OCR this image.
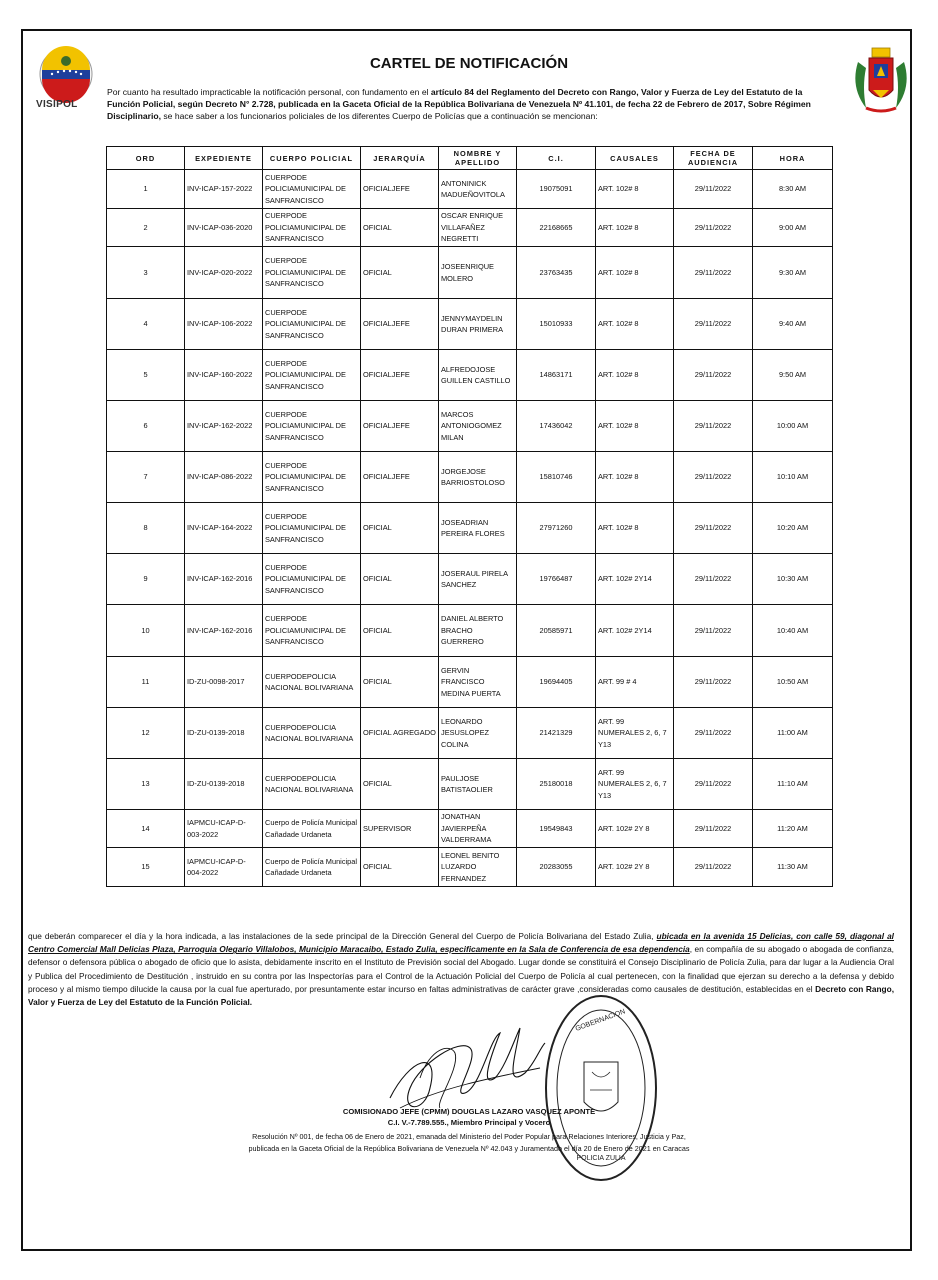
VISIPOL
CARTEL DE NOTIFICACIÓN
Por cuanto ha resultado impracticable la notificación personal, con fundamento en el artículo 84 del Reglamento del Decreto con Rango, Valor y Fuerza de Ley del Estatuto de la Función Policial, según Decreto N° 2.728, publicada en la Gaceta Oficial de la República Bolivariana de Venezuela Nº 41.101, de fecha 22 de Febrero de 2017, Sobre Régimen Disciplinario, se hace saber a los funcionarios policiales de los diferentes Cuerpo de Policías que a continuación se mencionan:
ORD	EXPEDIENTE	CUERPO POLICIAL	JERARQUÍA	NOMBRE Y APELLIDO	C.I.	CAUSALES	FECHA DE AUDIENCIA	HORA
1	INV-ICAP-157-2022	CUERPODE POLICIAMUNICIPAL DE SANFRANCISCO	OFICIALJEFE	ANTONINICK MADUEÑOVITOLA	19075091	ART. 102# 8	29/11/2022	8:30 AM
2	INV-ICAP-036-2020	CUERPODE POLICIAMUNICIPAL DE SANFRANCISCO	OFICIAL	OSCAR ENRIQUE VILLAFAÑEZ NEGRETTI	22168665	ART. 102# 8	29/11/2022	9:00 AM
3	INV-ICAP-020-2022	CUERPODE POLICIAMUNICIPAL DE SANFRANCISCO	OFICIAL	JOSEENRIQUE MOLERO	23763435	ART. 102# 8	29/11/2022	9:30 AM
4	INV-ICAP-106-2022	CUERPODE POLICIAMUNICIPAL DE SANFRANCISCO	OFICIALJEFE	JENNYMAYDELIN DURAN PRIMERA	15010933	ART. 102# 8	29/11/2022	9:40 AM
5	INV-ICAP-160-2022	CUERPODE POLICIAMUNICIPAL DE SANFRANCISCO	OFICIALJEFE	ALFREDOJOSE GUILLEN CASTILLO	14863171	ART. 102# 8	29/11/2022	9:50 AM
6	INV-ICAP-162-2022	CUERPODE POLICIAMUNICIPAL DE SANFRANCISCO	OFICIALJEFE	MARCOS ANTONIOGOMEZ MILAN	17436042	ART. 102# 8	29/11/2022	10:00 AM
7	INV-ICAP-086-2022	CUERPODE POLICIAMUNICIPAL DE SANFRANCISCO	OFICIALJEFE	JORGEJOSE BARRIOSTOLOSO	15810746	ART. 102# 8	29/11/2022	10:10 AM
8	INV-ICAP-164-2022	CUERPODE POLICIAMUNICIPAL DE SANFRANCISCO	OFICIAL	JOSEADRIAN PEREIRA FLORES	27971260	ART. 102# 8	29/11/2022	10:20 AM
9	INV-ICAP-162-2016	CUERPODE POLICIAMUNICIPAL DE SANFRANCISCO	OFICIAL	JOSERAUL PIRELA SANCHEZ	19766487	ART. 102# 2Y14	29/11/2022	10:30 AM
10	INV-ICAP-162-2016	CUERPODE POLICIAMUNICIPAL DE SANFRANCISCO	OFICIAL	DANIEL ALBERTO BRACHO GUERRERO	20585971	ART. 102# 2Y14	29/11/2022	10:40 AM
11	ID-ZU-0098-2017	CUERPODEPOLICIA NACIONAL BOLIVARIANA	OFICIAL	GERVIN FRANCISCO MEDINA PUERTA	19694405	ART. 99 # 4	29/11/2022	10:50 AM
12	ID-ZU-0139-2018	CUERPODEPOLICIA NACIONAL BOLIVARIANA	OFICIAL AGREGADO	LEONARDO JESUSLOPEZ COLINA	21421329	ART. 99 NUMERALES 2, 6, 7 Y13	29/11/2022	11:00 AM
13	ID-ZU-0139-2018	CUERPODEPOLICIA NACIONAL BOLIVARIANA	OFICIAL	PAULJOSE BATISTAOLIER	25180018	ART. 99 NUMERALES 2, 6, 7 Y13	29/11/2022	11:10 AM
14	IAPMCU-ICAP-D-003-2022	Cuerpo de Policía Municipal Cañadade Urdaneta	SUPERVISOR	JONATHAN JAVIERPEÑA VALDERRAMA	19549843	ART. 102# 2Y 8	29/11/2022	11:20 AM
15	IAPMCU-ICAP-D-004-2022	Cuerpo de Policía Municipal Cañadade Urdaneta	OFICIAL	LEONEL BENITO LUZARDO FERNANDEZ	20283055	ART. 102# 2Y 8	29/11/2022	11:30 AM
que deberán comparecer el día y la hora indicada, a las instalaciones de la sede principal de la Dirección General del Cuerpo de Policía Bolivariana del Estado Zulia, ubicada en la avenida 15 Delicias, con calle 59, diagonal al Centro Comercial Mall Delicias Plaza, Parroquia Olegario Villalobos, Municipio Maracaibo, Estado Zulia, especificamente en la Sala de Conferencia de esa dependencia, en compañía de su abogado o abogada de confianza, defensor o defensora pública o abogado de oficio que lo asista, debidamente inscrito en el Instituto de Previsión social del Abogado. Lugar donde se constituirá el Consejo Disciplinario de Policía Zulia, para dar lugar a la Audiencia Oral y Publica del Procedimiento de Destitución , instruido en su contra por las Inspectorías para el Control de la Actuación Policial del Cuerpo de Policía al cual pertenecen, con la finalidad que ejerzan su derecho a la defensa y debido proceso y al mismo tiempo dilucide la causa por la cual fue aperturado, por presuntamente estar incurso en faltas administrativas de carácter grave ,consideradas como causales de destitución, establecidas en el Decreto con Rango, Valor y Fuerza de Ley del Estatuto de la Función Policial.
GOBERNACION
POLICIA ZULIA
COMISIONADO JEFE (CPMM) DOUGLAS LAZARO VASQUEZ APONTE
C.I. V.-7.789.555., Miembro Principal y Vocero
Resolución Nº 001, de fecha 06 de Enero de 2021, emanada del Ministerio del Poder Popular para Relaciones Interiores, Justicia y Paz,
publicada en la Gaceta Oficial de la República Bolivariana de Venezuela Nº 42.043 y Juramentado el día 20 de Enero de 2021 en Caracas
